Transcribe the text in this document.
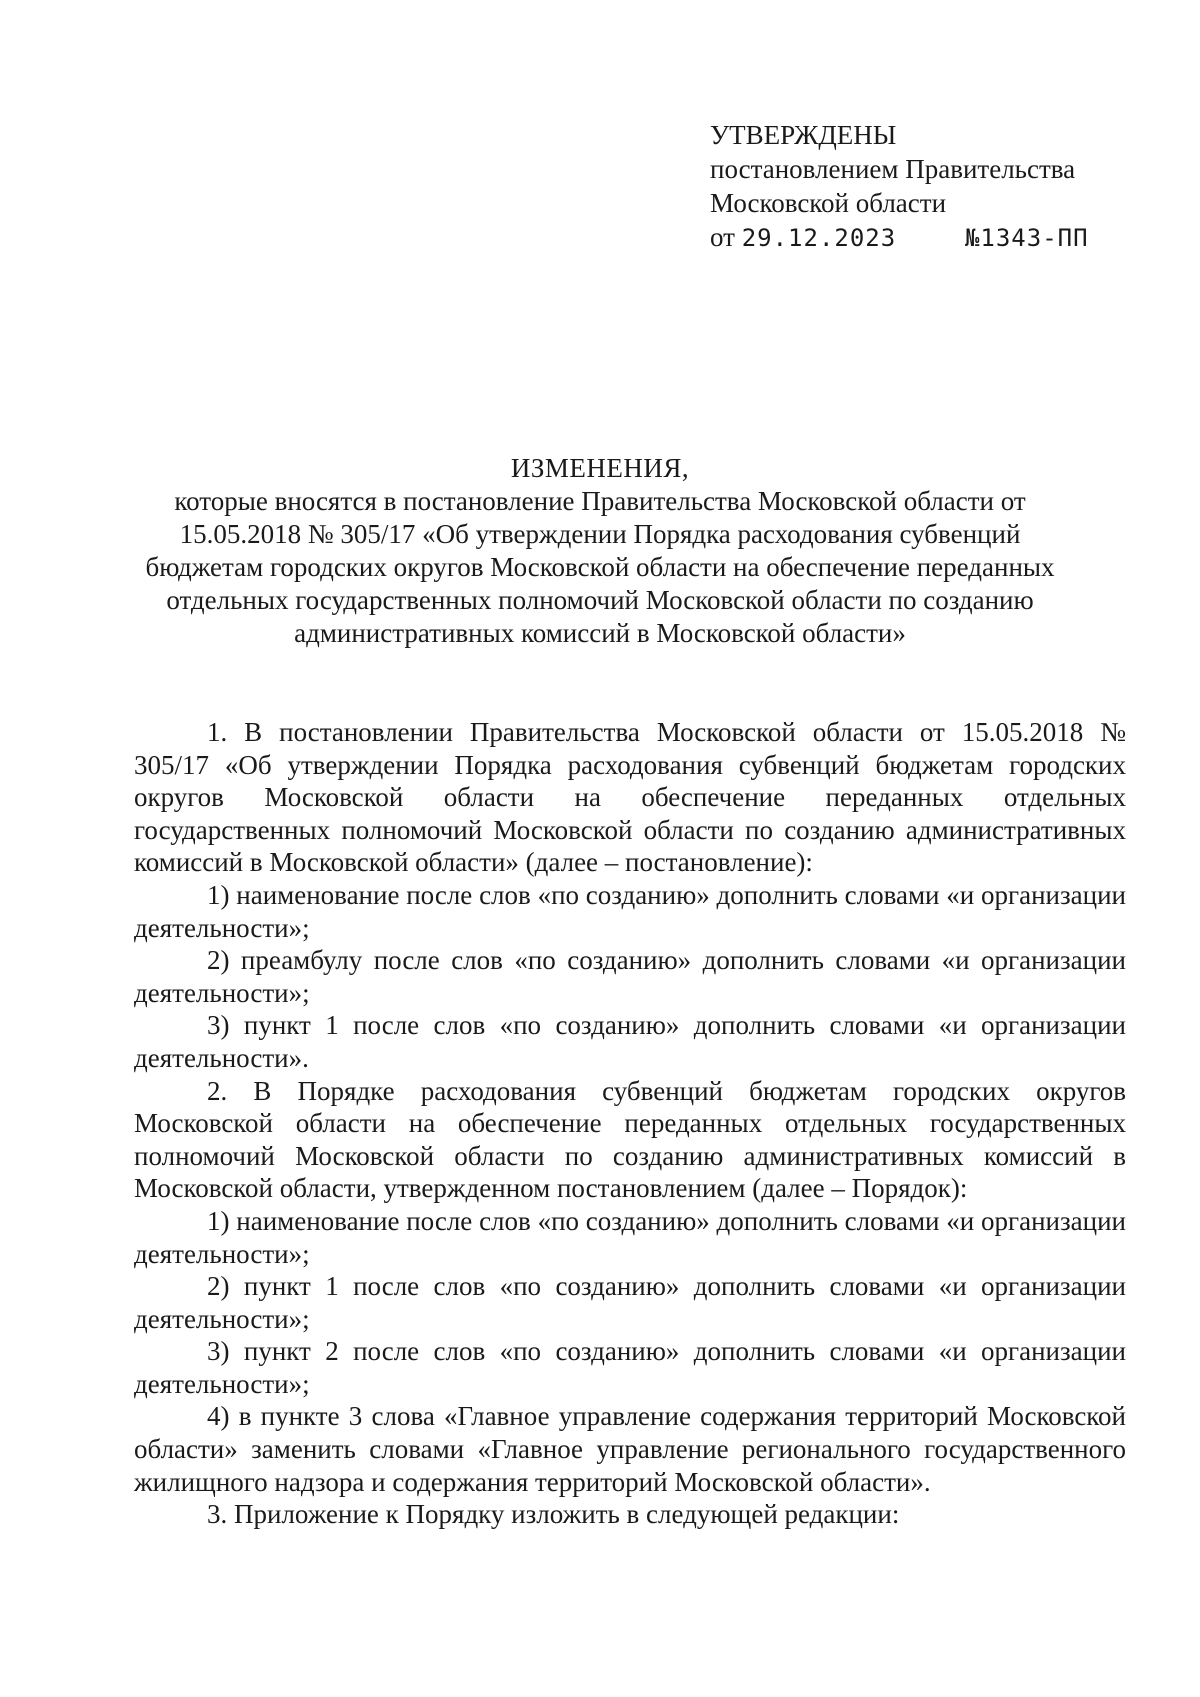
УТВЕРЖДЕНЫ
постановлением Правительства
Московской области
от 29.12.2023	№1343-ПП
ИЗМЕНЕНИЯ,
которые вносятся в постановление Правительства Московской области от 15.05.2018 № 305/17 «Об утверждении Порядка расходования субвенций бюджетам городских округов Московской области на обеспечение переданных отдельных государственных полномочий Московской области по созданию административных комиссий в Московской области»

1. В постановлении Правительства Московской области от 15.05.2018 № 305/17 «Об утверждении Порядка расходования субвенций бюджетам городских округов Московской области на обеспечение переданных отдельных государственных полномочий Московской области по созданию административных комиссий в Московской области» (далее – постановление):

1) наименование после слов «по созданию» дополнить словами «и организации деятельности»;

2) преамбулу после слов «по созданию» дополнить словами «и организации деятельности»;

3) пункт 1 после слов «по созданию» дополнить словами «и организации деятельности».

2. В Порядке расходования субвенций бюджетам городских округов Московской области на обеспечение переданных отдельных государственных полномочий Московской области по созданию административных комиссий в Московской области, утвержденном постановлением (далее – Порядок):

1) наименование после слов «по созданию» дополнить словами «и организации деятельности»;

2) пункт 1 после слов «по созданию» дополнить словами «и организации деятельности»;

3) пункт 2 после слов «по созданию» дополнить словами «и организации деятельности»;

4) в пункте 3 слова «Главное управление содержания территорий Московской области» заменить словами «Главное управление регионального государственного жилищного надзора и содержания территорий Московской области».

3. Приложение к Порядку изложить в следующей редакции:
